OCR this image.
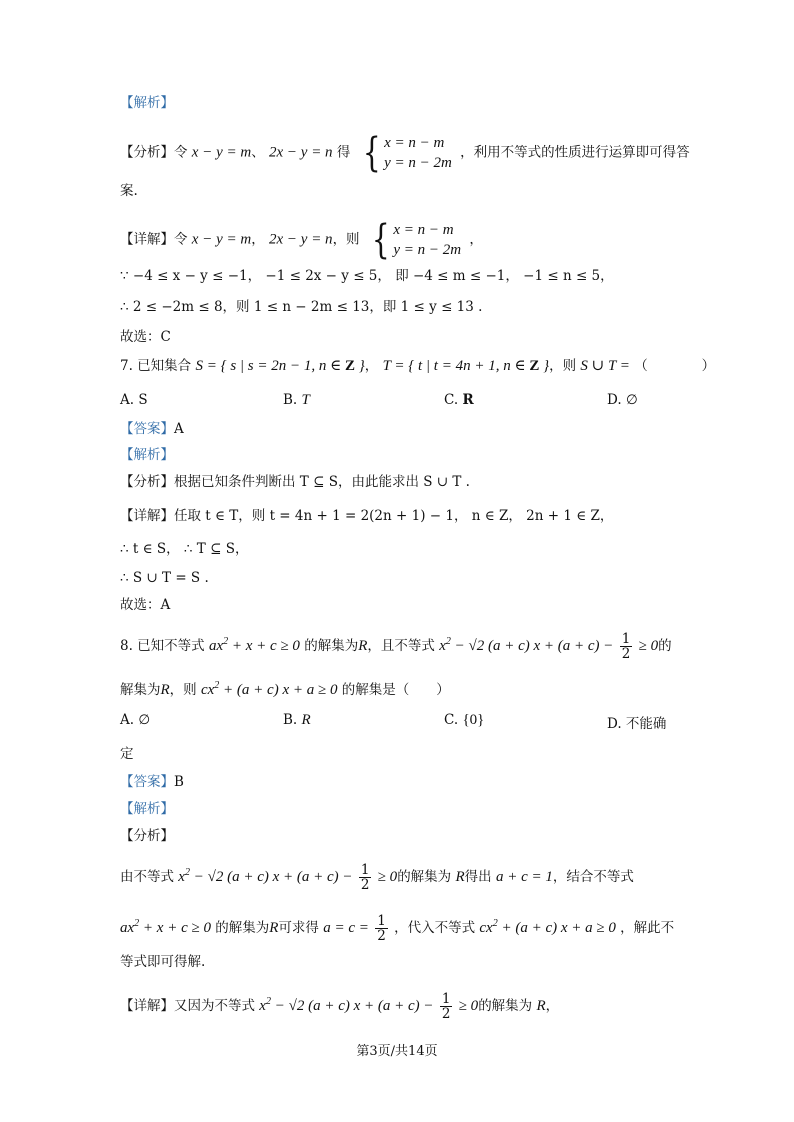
【解析】
【分析】令 x − y = m、 2x − y = n 得 { x = n − m
y = n − 2m
，利用不等式的性质进行运算即可得答
案.
【详解】令 x − y = m， 2x − y = n，则 { x = n − m
y = n − 2m
，
∵ −4 ≤ x − y ≤ −1， −1 ≤ 2x − y ≤ 5， 即 −4 ≤ m ≤ −1， −1 ≤ n ≤ 5，
∴ 2 ≤ −2m ≤ 8，则 1 ≤ n − 2m ≤ 13，即 1 ≤ y ≤ 13 .
故选：C
7. 已知集合 S = { s | s = 2n − 1, n ∈ Z }， T = { t | t = 4n + 1, n ∈ Z }，则 S ∪ T = （　　　　）
A. S	B. T	C. R	D. ∅
【答案】A
【解析】
【分析】根据已知条件判断出 T ⊆ S，由此能求出 S ∪ T .
【详解】任取 t ∈ T，则 t = 4n + 1 = 2(2n + 1) − 1， n ∈ Z， 2n + 1 ∈ Z，
∴ t ∈ S， ∴ T ⊆ S，
∴ S ∪ T = S .
故选：A
8. 已知不等式 $ax^2 + x + c \ge 0$ 的解集为R，且不等式 $x^2 - √2$ (a + c) $x + (a + c) - \frac{1}{2} \ge 0$的
解集为R，则 $cx^2 + (a + c) x + a \ge 0$ 的解集是（　　）
A. ∅	B. R	C. {0}	D. 不能确
定
【答案】B
【解析】
【分析】
由不等式 $x^2 - √2$ (a + c) $x + (a + c) - \frac{1}{2} \ge 0$的解集为 R得出 a + c = 1，结合不等式
$ax^2 + x + c \ge 0$ 的解集为R可求得 $a = c = \frac{1}{2}$ ，代入不等式 $cx^2 + (a + c) x + a \ge 0$ ，解此不
等式即可得解.
【详解】又因为不等式 $x^2 - √2$ (a + c) $x + (a + c) - \frac{1}{2} \ge 0$的解集为 R，
第3页/共14页
